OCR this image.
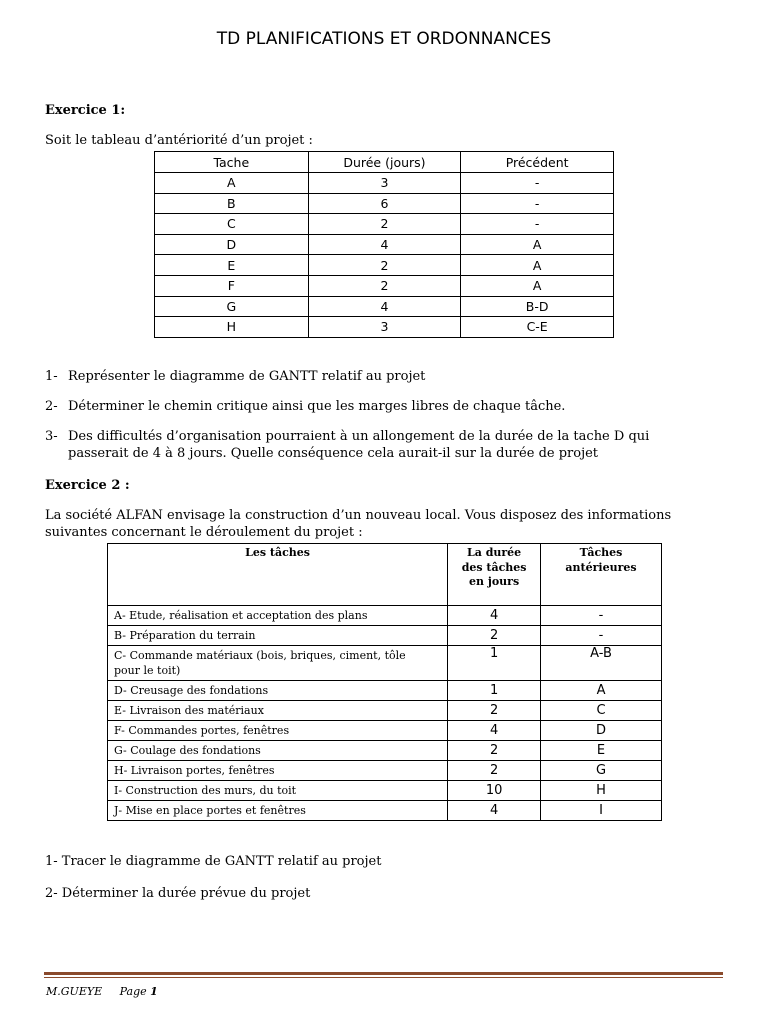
TD PLANIFICATIONS ET ORDONNANCES
Exercice 1:
Soit le tableau d’antériorité d’un projet :
Tache	Durée (jours)	Précédent
A	3	-
B	6	-
C	2	-
D	4	A
E	2	A
F	2	A
G	4	B-D
H	3	C-E
1- Représenter le diagramme de GANTT relatif au projet
2- Déterminer le chemin critique ainsi que les marges libres de chaque tâche.
3- Des difficultés d’organisation pourraient à un allongement de la durée de la tache D qui
passerait de 4 à 8 jours. Quelle conséquence cela aurait-il sur la durée de projet
Exercice 2 :
La société ALFAN envisage la construction d’un nouveau local. Vous disposez des informations
suivantes concernant le déroulement du projet :
Les tâches	La durée des tâches en jours	Tâches antérieures
A- Etude, réalisation et acceptation des plans	4	-
B- Préparation du terrain	2	-
C- Commande matériaux (bois, briques, ciment, tôle pour le toit)	1	A-B
D- Creusage des fondations	1	A
E- Livraison des matériaux	2	C
F- Commandes portes, fenêtres	4	D
G- Coulage des fondations	2	E
H- Livraison portes, fenêtres	2	G
I- Construction des murs, du toit	10	H
J- Mise en place portes et fenêtres	4	I
1- Tracer le diagramme de GANTT relatif au projet
2- Déterminer la durée prévue du projet
M.GUEYE Page 1
